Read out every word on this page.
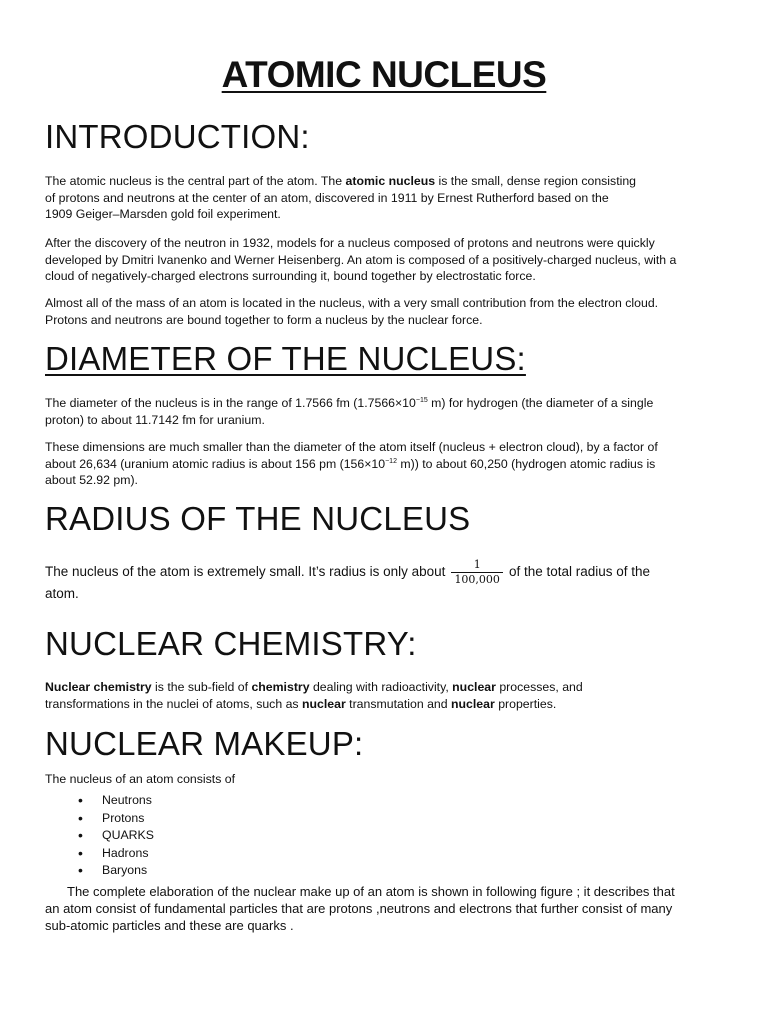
ATOMIC NUCLEUS
INTRODUCTION:
The atomic nucleus is the central part of the atom. The atomic nucleus is the small, dense region consisting
of protons and neutrons at the center of an atom, discovered in 1911 by Ernest Rutherford based on the
1909 Geiger–Marsden gold foil experiment.
After the discovery of the neutron in 1932, models for a nucleus composed of protons and neutrons were quickly
developed by Dmitri Ivanenko and Werner Heisenberg. An atom is composed of a positively-charged nucleus, with a
cloud of negatively-charged electrons surrounding it, bound together by electrostatic force.
Almost all of the mass of an atom is located in the nucleus, with a very small contribution from the electron cloud.
Protons and neutrons are bound together to form a nucleus by the nuclear force.
DIAMETER OF THE NUCLEUS:
The diameter of the nucleus is in the range of 1.7566 fm ($1.7566\times 10^{-15}$ m) for hydrogen (the diameter of a single
proton) to about 11.7142 fm for uranium.
These dimensions are much smaller than the diameter of the atom itself (nucleus + electron cloud), by a factor of
about 26,634 (uranium atomic radius is about 156 pm ($156\times 10^{-12}$ m)) to about 60,250 (hydrogen atomic radius is
about 52.92 pm).
RADIUS OF THE NUCLEUS
The nucleus of the atom is extremely small. It’s radius is only about $\frac{1}{100,000}$ of the total radius of the
atom.
NUCLEAR CHEMISTRY:
Nuclear chemistry is the sub-field of chemistry dealing with radioactivity, nuclear processes, and
transformations in the nuclei of atoms, such as nuclear transmutation and nuclear properties.
NUCLEAR MAKEUP:
The nucleus of an atom consists of
• Neutrons
• Protons
• QUARKS
• Hadrons
• Baryons
The complete elaboration of the nuclear make up of an atom is shown in following figure ; it describes that
an atom consist of fundamental particles that are protons ,neutrons and electrons that further consist of many
sub-atomic particles and these are quarks .
